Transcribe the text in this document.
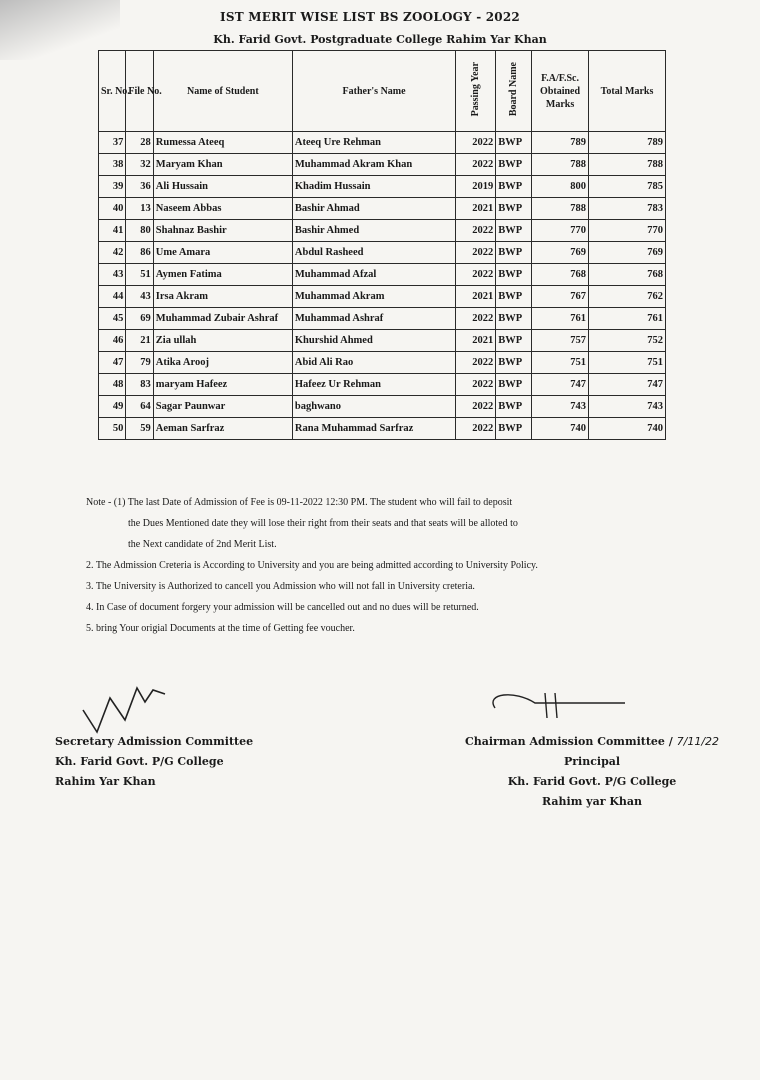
IST MERIT WISE LIST BS ZOOLOGY - 2022
Kh. Farid Govt. Postgraduate College Rahim Yar Khan
Sr. No.	File No.	Name of Student	Father's Name	Passing Year	Board Name	F.A/F.Sc. Obtained Marks	Total Marks
37	28	Rumessa Ateeq	Ateeq Ure Rehman	2022	BWP	789	789
38	32	Maryam Khan	Muhammad Akram Khan	2022	BWP	788	788
39	36	Ali Hussain	Khadim Hussain	2019	BWP	800	785
40	13	Naseem Abbas	Bashir Ahmad	2021	BWP	788	783
41	80	Shahnaz Bashir	Bashir Ahmed	2022	BWP	770	770
42	86	Ume Amara	Abdul Rasheed	2022	BWP	769	769
43	51	Aymen Fatima	Muhammad Afzal	2022	BWP	768	768
44	43	Irsa Akram	Muhammad Akram	2021	BWP	767	762
45	69	Muhammad Zubair Ashraf	Muhammad Ashraf	2022	BWP	761	761
46	21	Zia ullah	Khurshid Ahmed	2021	BWP	757	752
47	79	Atika Arooj	Abid Ali Rao	2022	BWP	751	751
48	83	maryam Hafeez	Hafeez Ur Rehman	2022	BWP	747	747
49	64	Sagar Paunwar	baghwano	2022	BWP	743	743
50	59	Aeman Sarfraz	Rana Muhammad Sarfraz	2022	BWP	740	740
Note - (1) The last Date of Admission of Fee is 09-11-2022 12:30 PM. The student who will fail to deposit
the Dues Mentioned date they will lose their right from their seats and that seats will be alloted to
the Next candidate of 2nd Merit List.
2. The Admission Creteria is According to University and you are being admitted according to University Policy.
3. The University is Authorized to cancell you Admission who will not fall in University creteria.
4. In Case of document forgery your admission will be cancelled out and no dues will be returned.
5. bring Your origial Documents at the time of Getting fee voucher.
Secretary Admission Committee
Kh. Farid Govt. P/G College
Rahim Yar Khan
Chairman Admission Committee / 7/11/22
Principal
Kh. Farid Govt. P/G College
Rahim yar Khan
